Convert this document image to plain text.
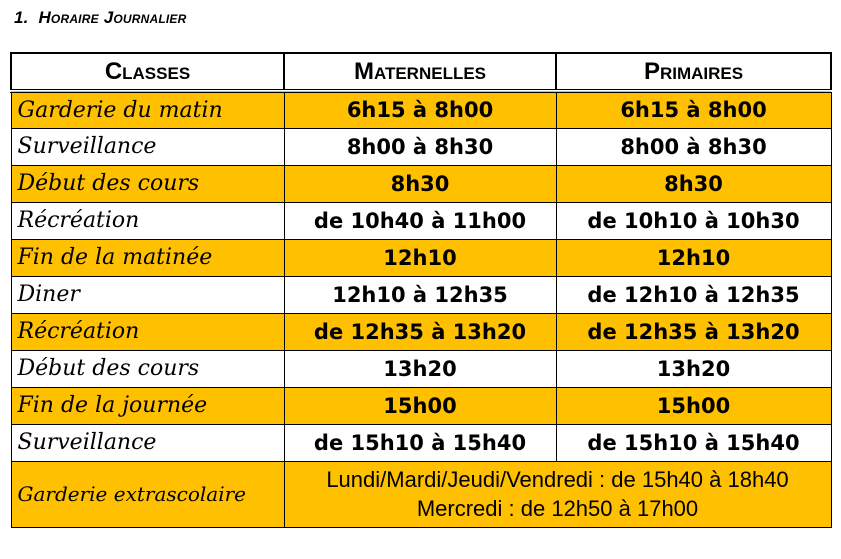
1. Horaire Journalier
Classes	Maternelles	Primaires
Garderie du matin	6h15 à 8h00	6h15 à 8h00
Surveillance	8h00 à 8h30	8h00 à 8h30
Début des cours	8h30	8h30
Récréation	de 10h40 à 11h00	de 10h10 à 10h30
Fin de la matinée	12h10	12h10
Diner	12h10 à 12h35	de 12h10 à 12h35
Récréation	de 12h35 à 13h20	de 12h35 à 13h20
Début des cours	13h20	13h20
Fin de la journée	15h00	15h00
Surveillance	de 15h10 à 15h40	de 15h10 à 15h40
Garderie extrascolaire	Lundi/Mardi/Jeudi/Vendredi : de 15h40 à 18h40
Mercredi : de 12h50 à 17h00	
